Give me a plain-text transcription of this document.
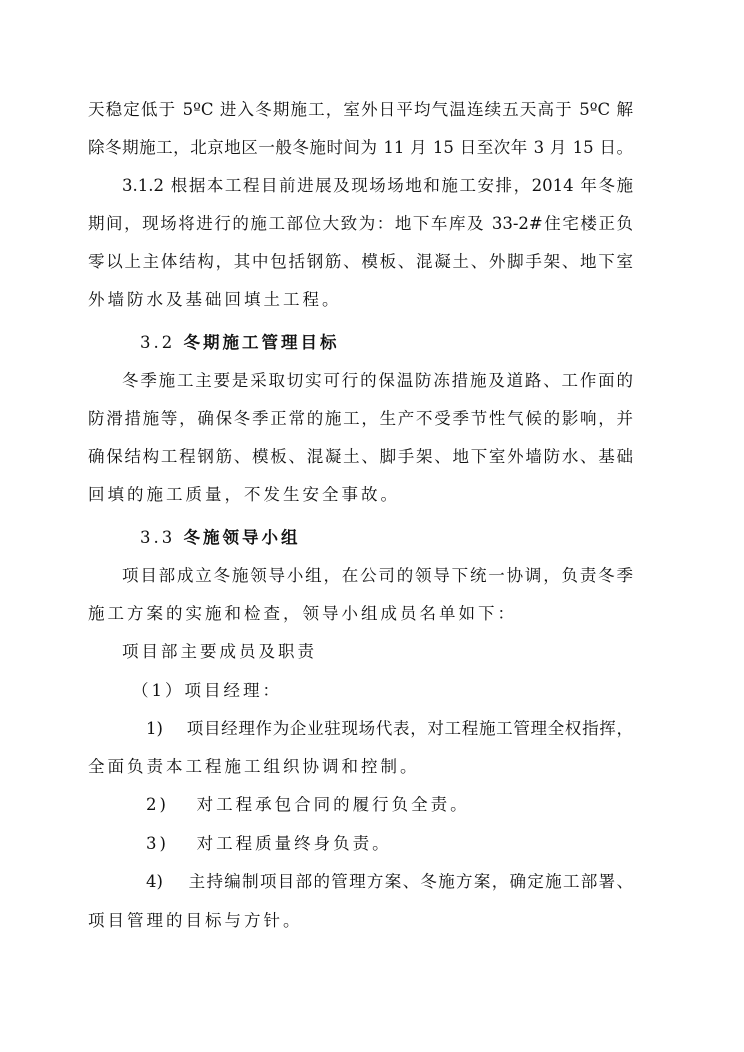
天稳定低于 5ºC 进入冬期施工，室外日平均气温连续五天高于 5ºC 解
除冬期施工，北京地区一般冬施时间为 11 月 15 日至次年 3 月 15 日。
3.1.2 根据本工程目前进展及现场场地和施工安排，2014 年冬施
期间，现场将进行的施工部位大致为：地下车库及 33-2#住宅楼正负
零以上主体结构，其中包括钢筋、模板、混凝土、外脚手架、地下室
外墙防水及基础回填土工程。
3.2 冬期施工管理目标
冬季施工主要是采取切实可行的保温防冻措施及道路、工作面的
防滑措施等，确保冬季正常的施工，生产不受季节性气候的影响，并
确保结构工程钢筋、模板、混凝土、脚手架、地下室外墙防水、基础
回填的施工质量，不发生安全事故。
3.3 冬施领导小组
项目部成立冬施领导小组，在公司的领导下统一协调，负责冬季
施工方案的实施和检查，领导小组成员名单如下：
项目部主要成员及职责
（1）项目经理：
1)　 项目经理作为企业驻现场代表，对工程施工管理全权指挥，
全面负责本工程施工组织协调和控制。
2)　 对工程承包合同的履行负全责。
3)　 对工程质量终身负责。
4)　 主持编制项目部的管理方案、冬施方案，确定施工部署、
项目管理的目标与方针。
